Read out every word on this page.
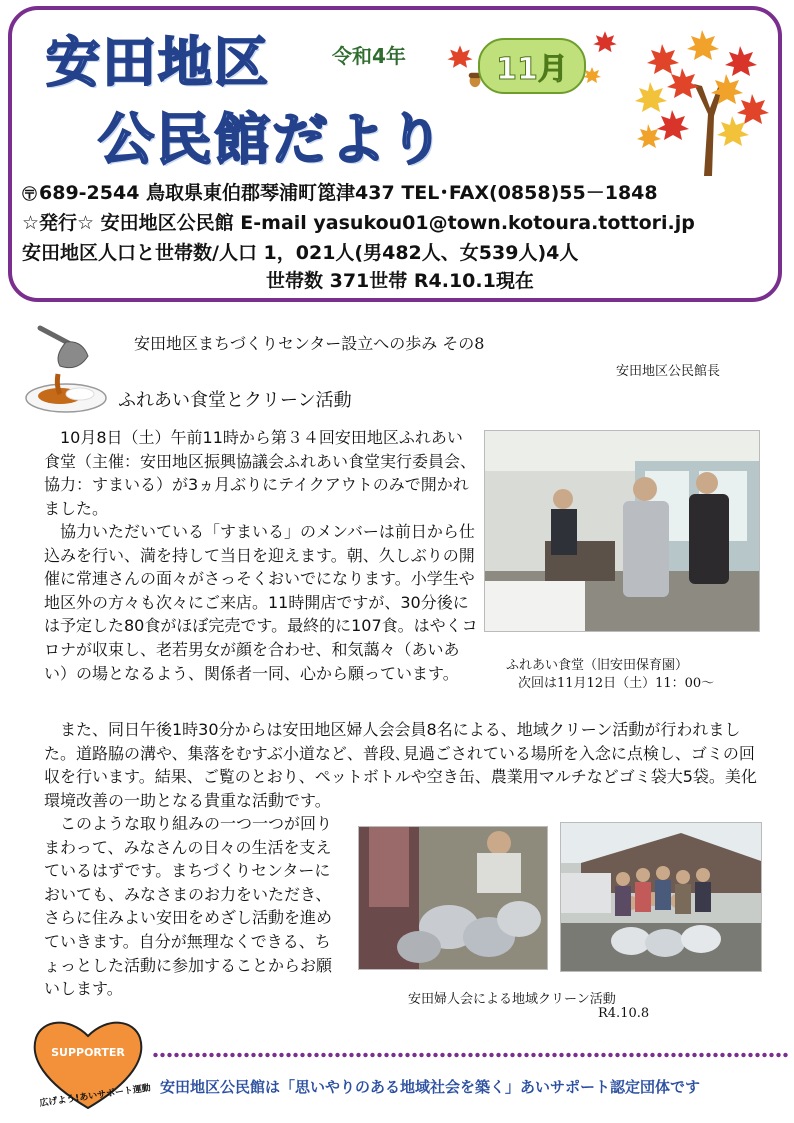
安田地区
公民館だより
令和4年	11月
〶 689-2544 鳥取県東伯郡琴浦町箆津437 TEL･FAX(0858)55－1848
☆発行☆ 安田地区公民館 E-mail yasukou01@town.kotoura.tottori.jp
安田地区人口と世帯数/人口 1，021人(男482人、女539人)4人
世帯数 371世帯 R4.10.1現在
安田地区まちづくりセンター設立への歩み その8
安田地区公民館長
ふれあい食堂とクリーン活動

10月8日（土）午前11時から第３４回安田地区ふれあい食堂（主催：安田地区振興協議会ふれあい食堂実行委員会、協力：すまいる）が3ヵ月ぶりにテイクアウトのみで開かれました。

協力いただいている「すまいる」のメンバーは前日から仕込みを行い、満を持して当日を迎えます。朝、久しぶりの開催に常連さんの面々がさっそくおいでになります。小学生や地区外の方々も次々にご来店。11時開店ですが、30分後には予定した80食がほぼ完売です。最終的に107食。はやくコロナが収束し、老若男女が顔を合わせ、和気藹々（あいあい）の場となるよう、関係者一同、心から願っています。	ふれあい食堂（旧安田保育園）
次回は11月12日（土）11：00～

また、同日午後1時30分からは安田地区婦人会会員8名による、地域クリーン活動が行われました。道路脇の溝や、集落をむすぶ小道など、普段､見過ごされている場所を入念に点検し、ゴミの回収を行います。結果、ご覧のとおり、ペットボトルや空き缶、農業用マルチなどゴミ袋大5袋。美化環境改善の一助となる貴重な活動です。

このような取り組みの一つ一つが回りまわって、みなさんの日々の生活を支えているはずです。まちづくりセンターにおいても、みなさまのお力をいただき、さらに住みよい安田をめざし活動を進めていきます。自分が無理なくできる、ちょっとした活動に参加することからお願いします。

安田婦人会による地域クリーン活動
R4.10.8
SUPPORTER
広げよう!あいサポート運動 安田地区公民館は「思いやりのある地域社会を築く」あいサポート認定団体です
